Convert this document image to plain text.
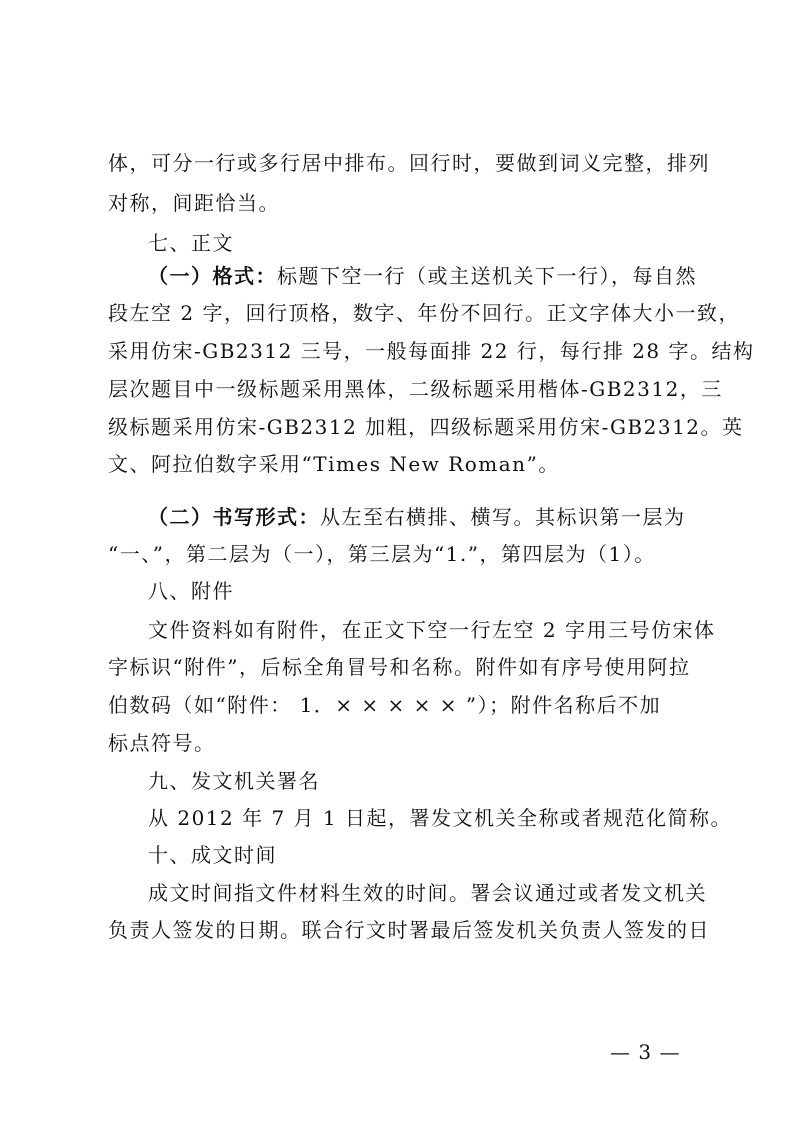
体，可分一行或多行居中排布。回行时，要做到词义完整，排列
对称，间距恰当。
七、正文
（一）格式：标题下空一行（或主送机关下一行），每自然
段左空 2 字，回行顶格，数字、年份不回行。正文字体大小一致，
采用仿宋-GB2312 三号，一般每面排 22 行，每行排 28 字。结构
层次题目中一级标题采用黑体，二级标题采用楷体-GB2312，三
级标题采用仿宋-GB2312 加粗，四级标题采用仿宋-GB2312。英
文、阿拉伯数字采用“Times New Roman”。
（二）书写形式：从左至右横排、横写。其标识第一层为
“一、”，第二层为（一），第三层为“1.”，第四层为（1）。
八、附件
文件资料如有附件，在正文下空一行左空 2 字用三号仿宋体
字标识“附件”，后标全角冒号和名称。附件如有序号使用阿拉
伯数码（如“附件： 1．× × × × × ”）；附件名称后不加
标点符号。
九、发文机关署名
从 2012 年 7 月 1 日起，署发文机关全称或者规范化简称。
十、成文时间
成文时间指文件材料生效的时间。署会议通过或者发文机关
负责人签发的日期。联合行文时署最后签发机关负责人签发的日
— 3 —
